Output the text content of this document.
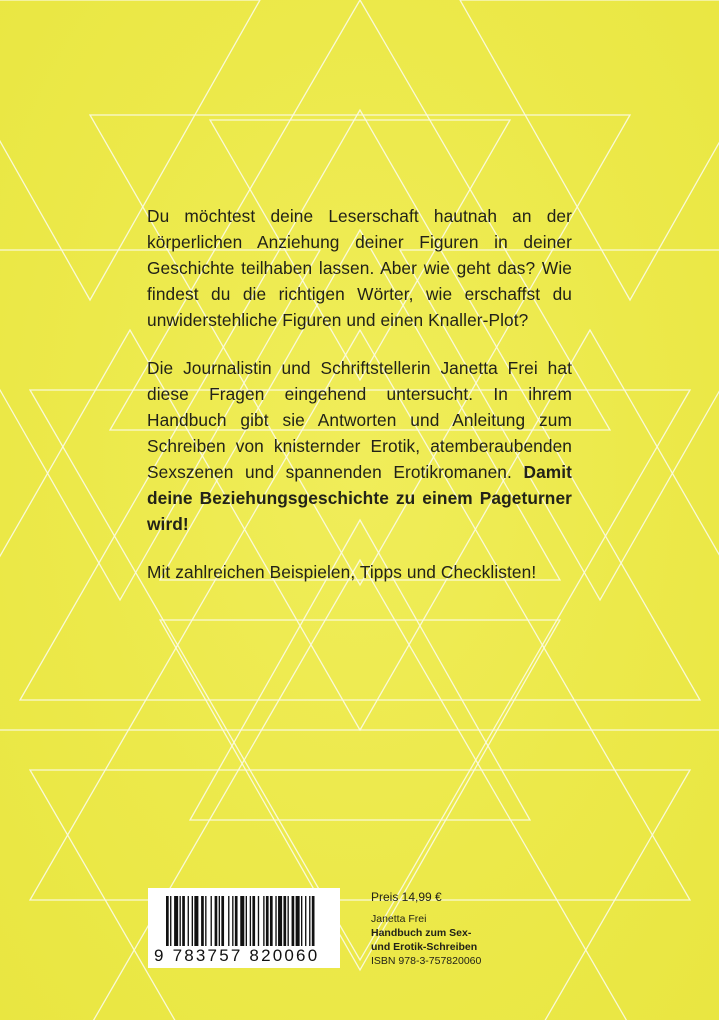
Du möchtest deine Leserschaft hautnah an der körperlichen Anziehung deiner Figuren in deiner Geschichte teilhaben lassen. Aber wie geht das? Wie findest du die richtigen Wörter, wie erschaffst du unwiderstehliche Figuren und einen Knaller-Plot?

Die Journalistin und Schriftstellerin Janetta Frei hat diese Fragen eingehend untersucht. In ihrem Handbuch gibt sie Antworten und Anleitung zum Schreiben von knisternder Erotik, atemberaubenden Sexszenen und spannenden Erotikromanen. Damit deine Beziehungsgeschichte zu einem Pageturner wird!

Mit zahlreichen Beispielen, Tipps und Checklisten!

9 783757 820060
Preis 14,99 €
Janetta Frei
Handbuch zum Sex-
und Erotik-Schreiben
ISBN 978-3-757820060
